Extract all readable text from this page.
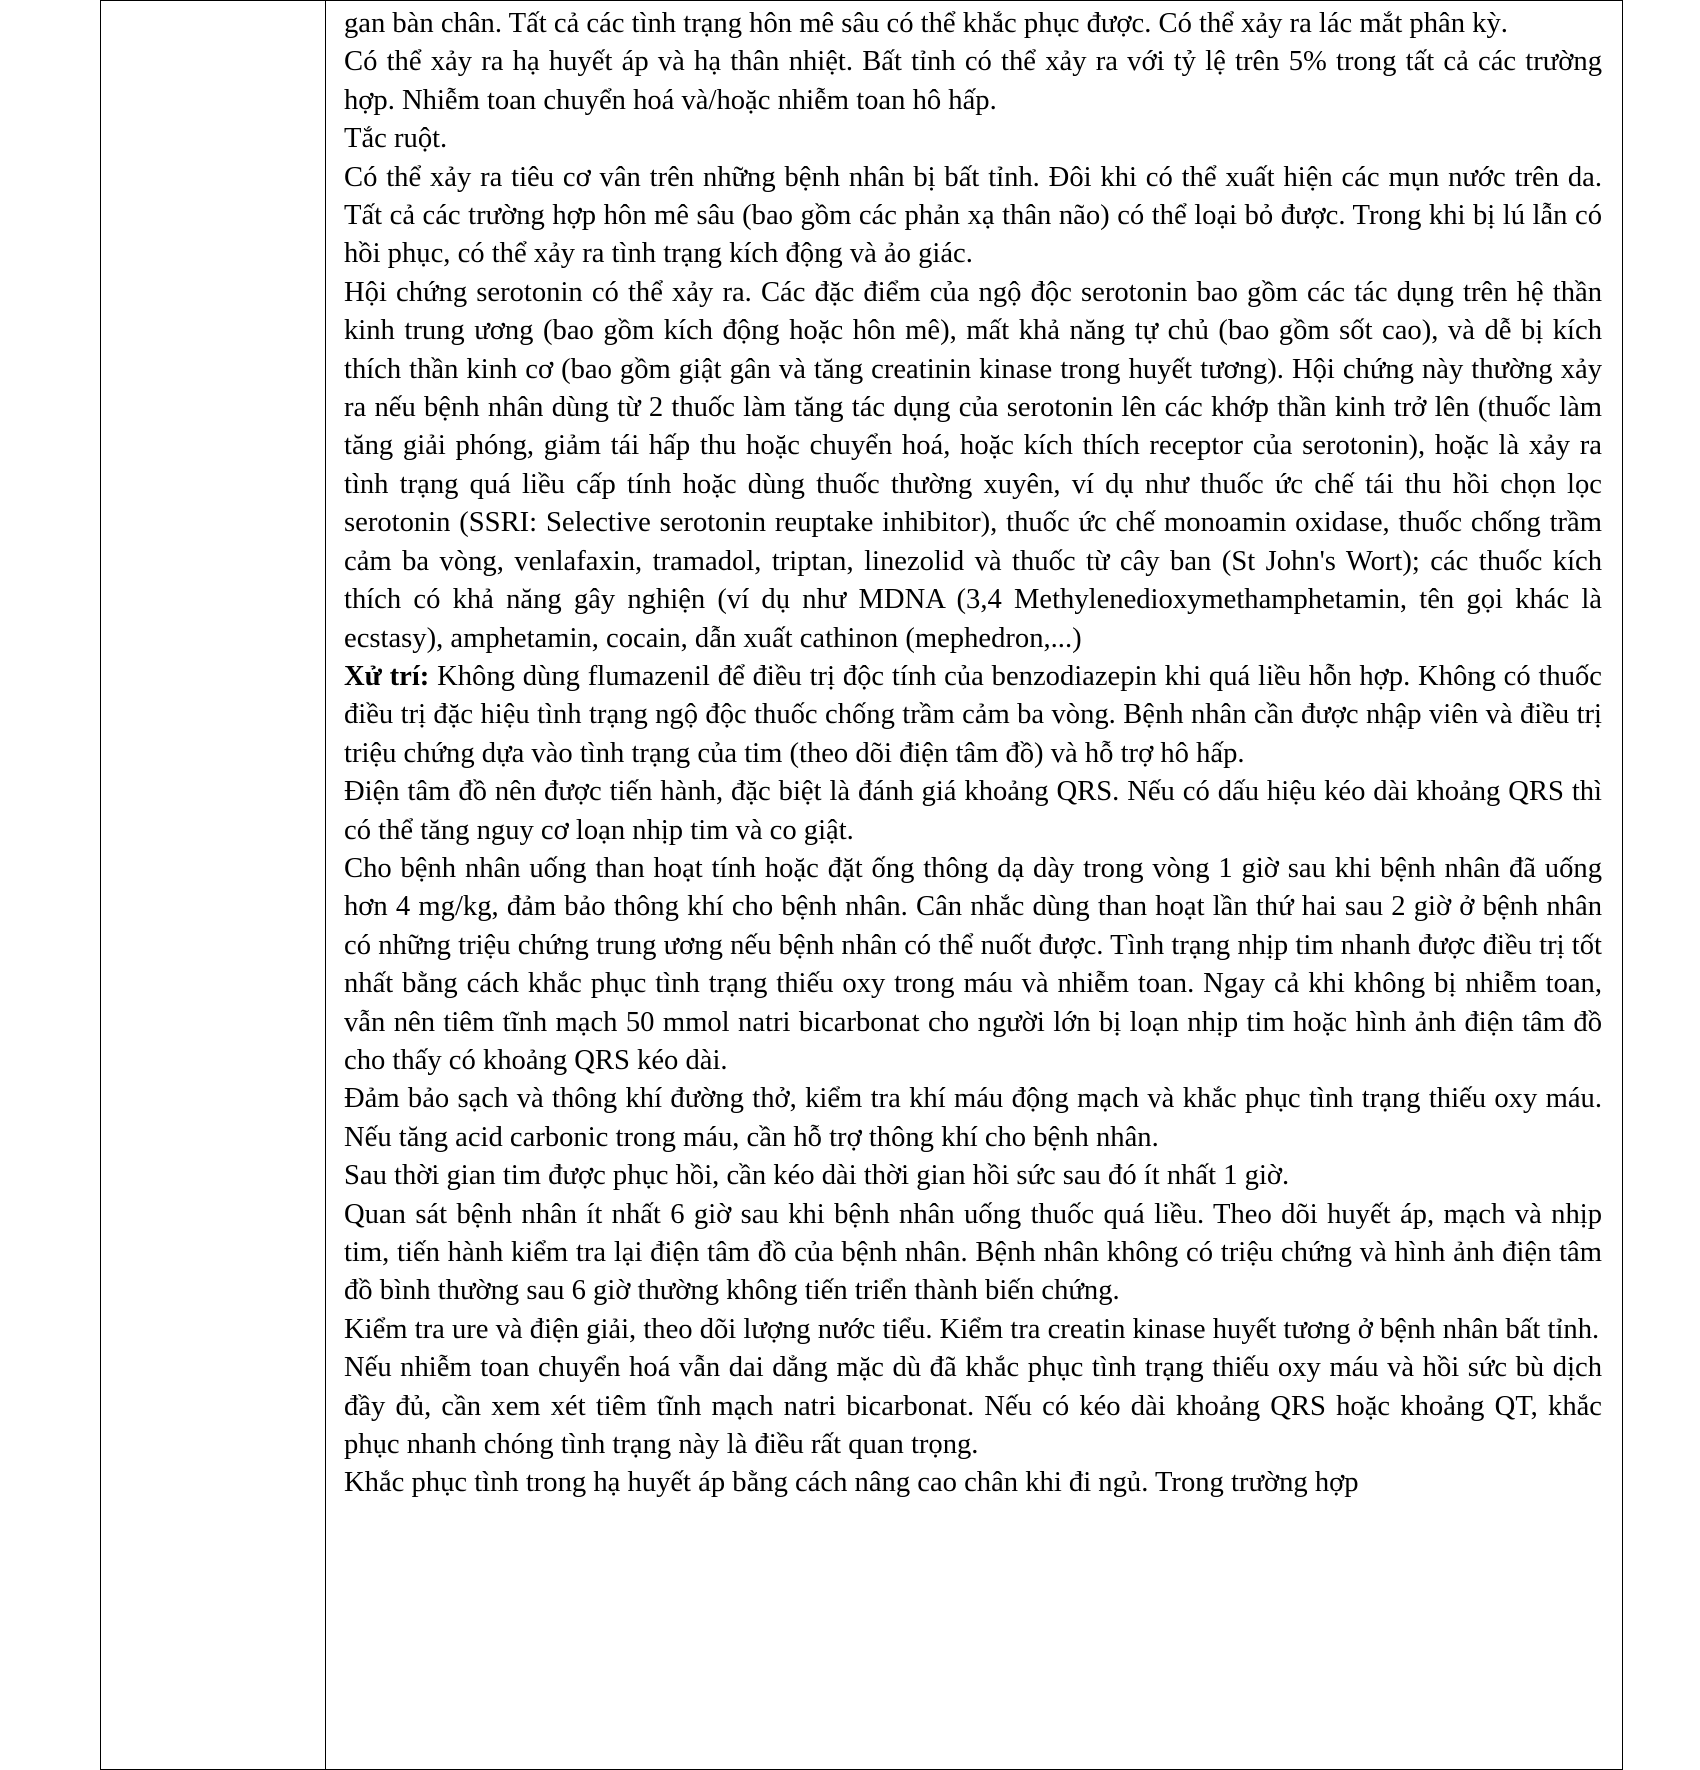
gan bàn chân. Tất cả các tình trạng hôn mê sâu có thể khắc phục được. Có thể xảy ra lác mắt phân kỳ.

Có thể xảy ra hạ huyết áp và hạ thân nhiệt. Bất tỉnh có thể xảy ra với tỷ lệ trên 5% trong tất cả các trường hợp. Nhiễm toan chuyển hoá và/hoặc nhiễm toan hô hấp.

Tắc ruột.

Có thể xảy ra tiêu cơ vân trên những bệnh nhân bị bất tỉnh. Đôi khi có thể xuất hiện các mụn nước trên da. Tất cả các trường hợp hôn mê sâu (bao gồm các phản xạ thân não) có thể loại bỏ được. Trong khi bị lú lẫn có hồi phục, có thể xảy ra tình trạng kích động và ảo giác.

Hội chứng serotonin có thể xảy ra. Các đặc điểm của ngộ độc serotonin bao gồm các tác dụng trên hệ thần kinh trung ương (bao gồm kích động hoặc hôn mê), mất khả năng tự chủ (bao gồm sốt cao), và dễ bị kích thích thần kinh cơ (bao gồm giật gân và tăng creatinin kinase trong huyết tương). Hội chứng này thường xảy ra nếu bệnh nhân dùng từ 2 thuốc làm tăng tác dụng của serotonin lên các khớp thần kinh trở lên (thuốc làm tăng giải phóng, giảm tái hấp thu hoặc chuyển hoá, hoặc kích thích receptor của serotonin), hoặc là xảy ra tình trạng quá liều cấp tính hoặc dùng thuốc thường xuyên, ví dụ như thuốc ức chế tái thu hồi chọn lọc serotonin (SSRI: Selective serotonin reuptake inhibitor), thuốc ức chế monoamin oxidase, thuốc chống trầm cảm ba vòng, venlafaxin, tramadol, triptan, linezolid và thuốc từ cây ban (St John's Wort); các thuốc kích thích có khả năng gây nghiện (ví dụ như MDNA (3,4 Methylenedioxymethamphetamin, tên gọi khác là ecstasy), amphetamin, cocain, dẫn xuất cathinon (mephedron,...)

Xử trí: Không dùng flumazenil để điều trị độc tính của benzodiazepin khi quá liều hỗn hợp. Không có thuốc điều trị đặc hiệu tình trạng ngộ độc thuốc chống trầm cảm ba vòng. Bệnh nhân cần được nhập viên và điều trị triệu chứng dựa vào tình trạng của tim (theo dõi điện tâm đồ) và hỗ trợ hô hấp.

Điện tâm đồ nên được tiến hành, đặc biệt là đánh giá khoảng QRS. Nếu có dấu hiệu kéo dài khoảng QRS thì có thể tăng nguy cơ loạn nhịp tim và co giật.

Cho bệnh nhân uống than hoạt tính hoặc đặt ống thông dạ dày trong vòng 1 giờ sau khi bệnh nhân đã uống hơn 4 mg/kg, đảm bảo thông khí cho bệnh nhân. Cân nhắc dùng than hoạt lần thứ hai sau 2 giờ ở bệnh nhân có những triệu chứng trung ương nếu bệnh nhân có thể nuốt được. Tình trạng nhịp tim nhanh được điều trị tốt nhất bằng cách khắc phục tình trạng thiếu oxy trong máu và nhiễm toan. Ngay cả khi không bị nhiễm toan, vẫn nên tiêm tĩnh mạch 50 mmol natri bicarbonat cho người lớn bị loạn nhịp tim hoặc hình ảnh điện tâm đồ cho thấy có khoảng QRS kéo dài.

Đảm bảo sạch và thông khí đường thở, kiểm tra khí máu động mạch và khắc phục tình trạng thiếu oxy máu. Nếu tăng acid carbonic trong máu, cần hỗ trợ thông khí cho bệnh nhân.

Sau thời gian tim được phục hồi, cần kéo dài thời gian hồi sức sau đó ít nhất 1 giờ.

Quan sát bệnh nhân ít nhất 6 giờ sau khi bệnh nhân uống thuốc quá liều. Theo dõi huyết áp, mạch và nhịp tim, tiến hành kiểm tra lại điện tâm đồ của bệnh nhân. Bệnh nhân không có triệu chứng và hình ảnh điện tâm đồ bình thường sau 6 giờ thường không tiến triển thành biến chứng.

Kiểm tra ure và điện giải, theo dõi lượng nước tiểu. Kiểm tra creatin kinase huyết tương ở bệnh nhân bất tỉnh.

Nếu nhiễm toan chuyển hoá vẫn dai dẳng mặc dù đã khắc phục tình trạng thiếu oxy máu và hồi sức bù dịch đầy đủ, cần xem xét tiêm tĩnh mạch natri bicarbonat. Nếu có kéo dài khoảng QRS hoặc khoảng QT, khắc phục nhanh chóng tình trạng này là điều rất quan trọng.

Khắc phục tình trong hạ huyết áp bằng cách nâng cao chân khi đi ngủ. Trong trường hợp
